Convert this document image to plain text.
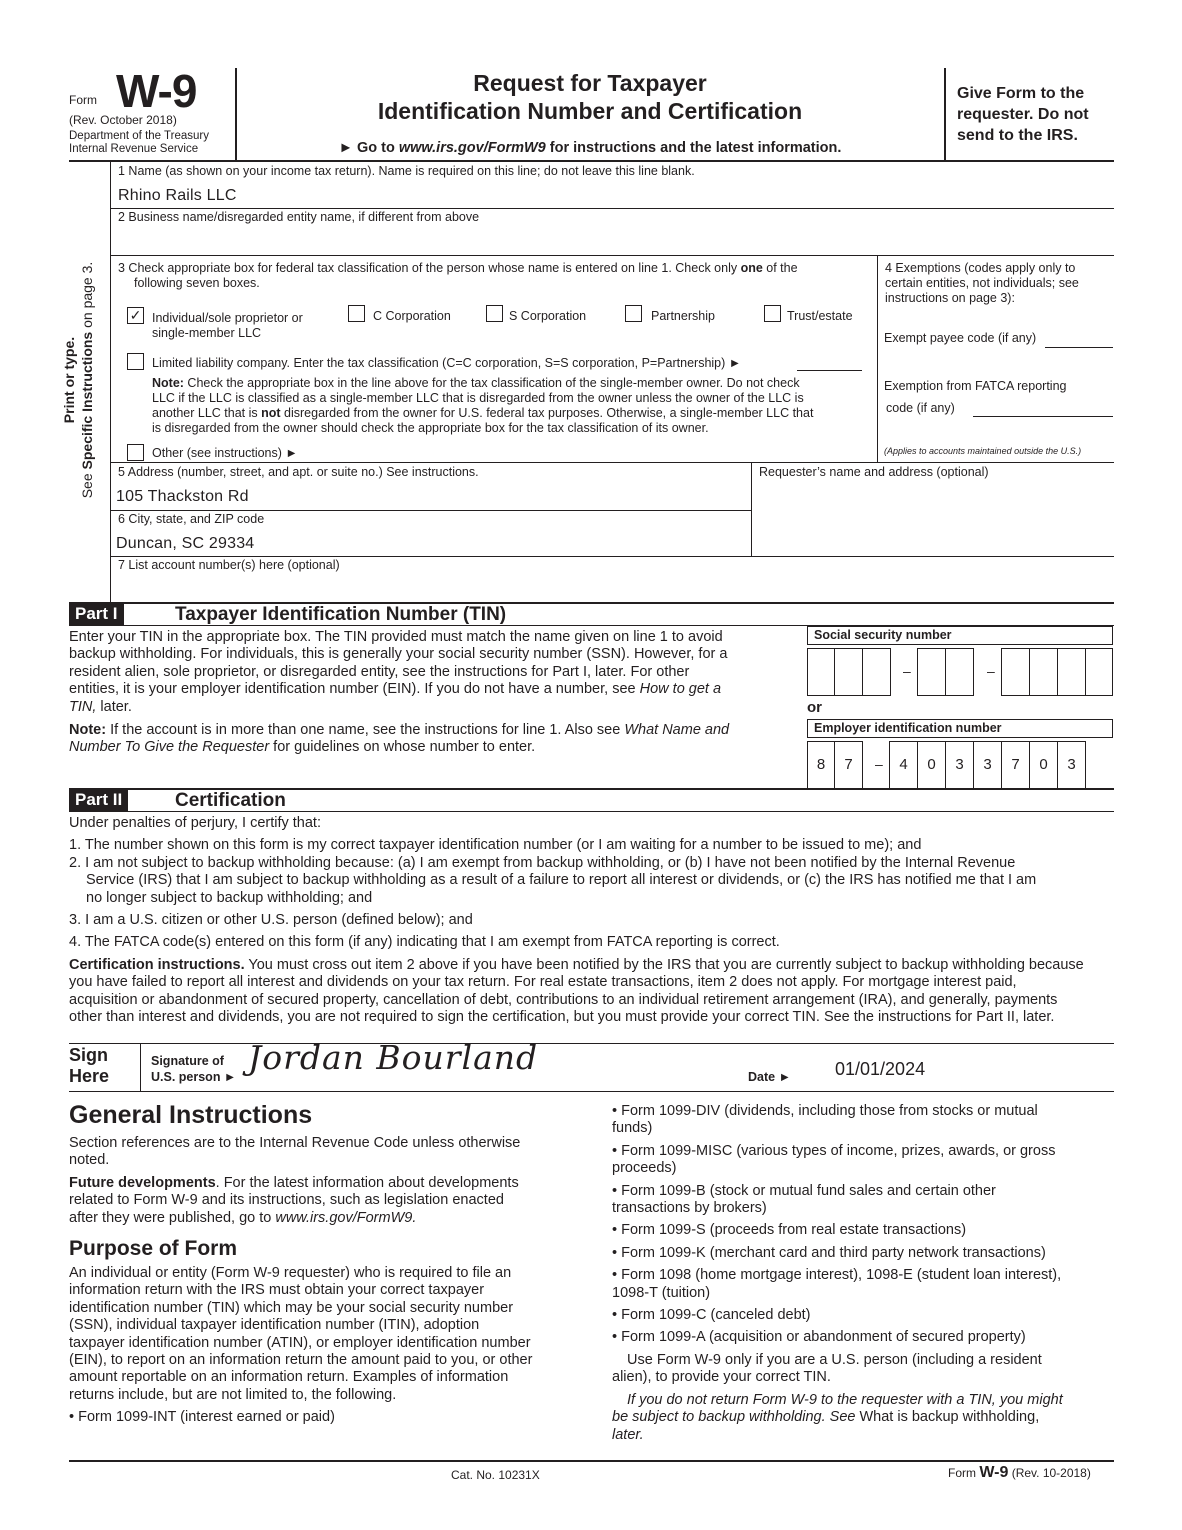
Form W-9
(Rev. October 2018)
Department of the Treasury
Internal Revenue Service
Request for Taxpayer
Identification Number and Certification
► Go to www.irs.gov/FormW9 for instructions and the latest information.
Give Form to the
requester. Do not
send to the IRS.
Print or type.
See Specific Instructions on page 3.
1 Name (as shown on your income tax return). Name is required on this line; do not leave this line blank.
Rhino Rails LLC
2 Business name/disregarded entity name, if different from above
3 Check appropriate box for federal tax classification of the person whose name is entered on line 1. Check only one of the
following seven boxes.
✓ Individual/sole proprietor or
single-member LLC
C Corporation	S Corporation	Partnership	Trust/estate
Limited liability company. Enter the tax classification (C=C corporation, S=S corporation, P=Partnership) ►
Note: Check the appropriate box in the line above for the tax classification of the single-member owner. Do not check
LLC if the LLC is classified as a single-member LLC that is disregarded from the owner unless the owner of the LLC is
another LLC that is not disregarded from the owner for U.S. federal tax purposes. Otherwise, a single-member LLC that
is disregarded from the owner should check the appropriate box for the tax classification of its owner.
Other (see instructions) ►
4 Exemptions (codes apply only to
certain entities, not individuals; see
instructions on page 3):
Exempt payee code (if any)
Exemption from FATCA reporting
code (if any)
(Applies to accounts maintained outside the U.S.)
5 Address (number, street, and apt. or suite no.) See instructions.
105 Thackston Rd
Requester’s name and address (optional)
6 City, state, and ZIP code
Duncan, SC 29334
7 List account number(s) here (optional)
Part I	Taxpayer Identification Number (TIN)
Enter your TIN in the appropriate box. The TIN provided must match the name given on line 1 to avoid
backup withholding. For individuals, this is generally your social security number (SSN). However, for a
resident alien, sole proprietor, or disregarded entity, see the instructions for Part I, later. For other
entities, it is your employer identification number (EIN). If you do not have a number, see How to get a
TIN, later.
Note: If the account is in more than one name, see the instructions for line 1. Also see What Name and
Number To Give the Requester for guidelines on whose number to enter.
Social security number
–	–
or
Employer identification number
8	7	–	4	0	3	3	7	0	3
Part II	Certification
Under penalties of perjury, I certify that:
1. The number shown on this form is my correct taxpayer identification number (or I am waiting for a number to be issued to me); and
2. I am not subject to backup withholding because: (a) I am exempt from backup withholding, or (b) I have not been notified by the Internal Revenue
Service (IRS) that I am subject to backup withholding as a result of a failure to report all interest or dividends, or (c) the IRS has notified me that I am
no longer subject to backup withholding; and
3. I am a U.S. citizen or other U.S. person (defined below); and
4. The FATCA code(s) entered on this form (if any) indicating that I am exempt from FATCA reporting is correct.
Certification instructions. You must cross out item 2 above if you have been notified by the IRS that you are currently subject to backup withholding because
you have failed to report all interest and dividends on your tax return. For real estate transactions, item 2 does not apply. For mortgage interest paid,
acquisition or abandonment of secured property, cancellation of debt, contributions to an individual retirement arrangement (IRA), and generally, payments
other than interest and dividends, you are not required to sign the certification, but you must provide your correct TIN. See the instructions for Part II, later.
Sign
Here
Signature of
U.S. person ► Jordan Bourland	Date ► 01/01/2024
General Instructions
Section references are to the Internal Revenue Code unless otherwise
noted.
Future developments. For the latest information about developments
related to Form W-9 and its instructions, such as legislation enacted
after they were published, go to www.irs.gov/FormW9.
Purpose of Form
An individual or entity (Form W-9 requester) who is required to file an
information return with the IRS must obtain your correct taxpayer
identification number (TIN) which may be your social security number
(SSN), individual taxpayer identification number (ITIN), adoption
taxpayer identification number (ATIN), or employer identification number
(EIN), to report on an information return the amount paid to you, or other
amount reportable on an information return. Examples of information
returns include, but are not limited to, the following.
• Form 1099-INT (interest earned or paid)
• Form 1099-DIV (dividends, including those from stocks or mutual
funds)
• Form 1099-MISC (various types of income, prizes, awards, or gross
proceeds)
• Form 1099-B (stock or mutual fund sales and certain other
transactions by brokers)
• Form 1099-S (proceeds from real estate transactions)
• Form 1099-K (merchant card and third party network transactions)
• Form 1098 (home mortgage interest), 1098-E (student loan interest),
1098-T (tuition)
• Form 1099-C (canceled debt)
• Form 1099-A (acquisition or abandonment of secured property)
Use Form W-9 only if you are a U.S. person (including a resident
alien), to provide your correct TIN.
If you do not return Form W-9 to the requester with a TIN, you might
be subject to backup withholding. See What is backup withholding,
later.
Cat. No. 10231X	Form W-9 (Rev. 10-2018)
